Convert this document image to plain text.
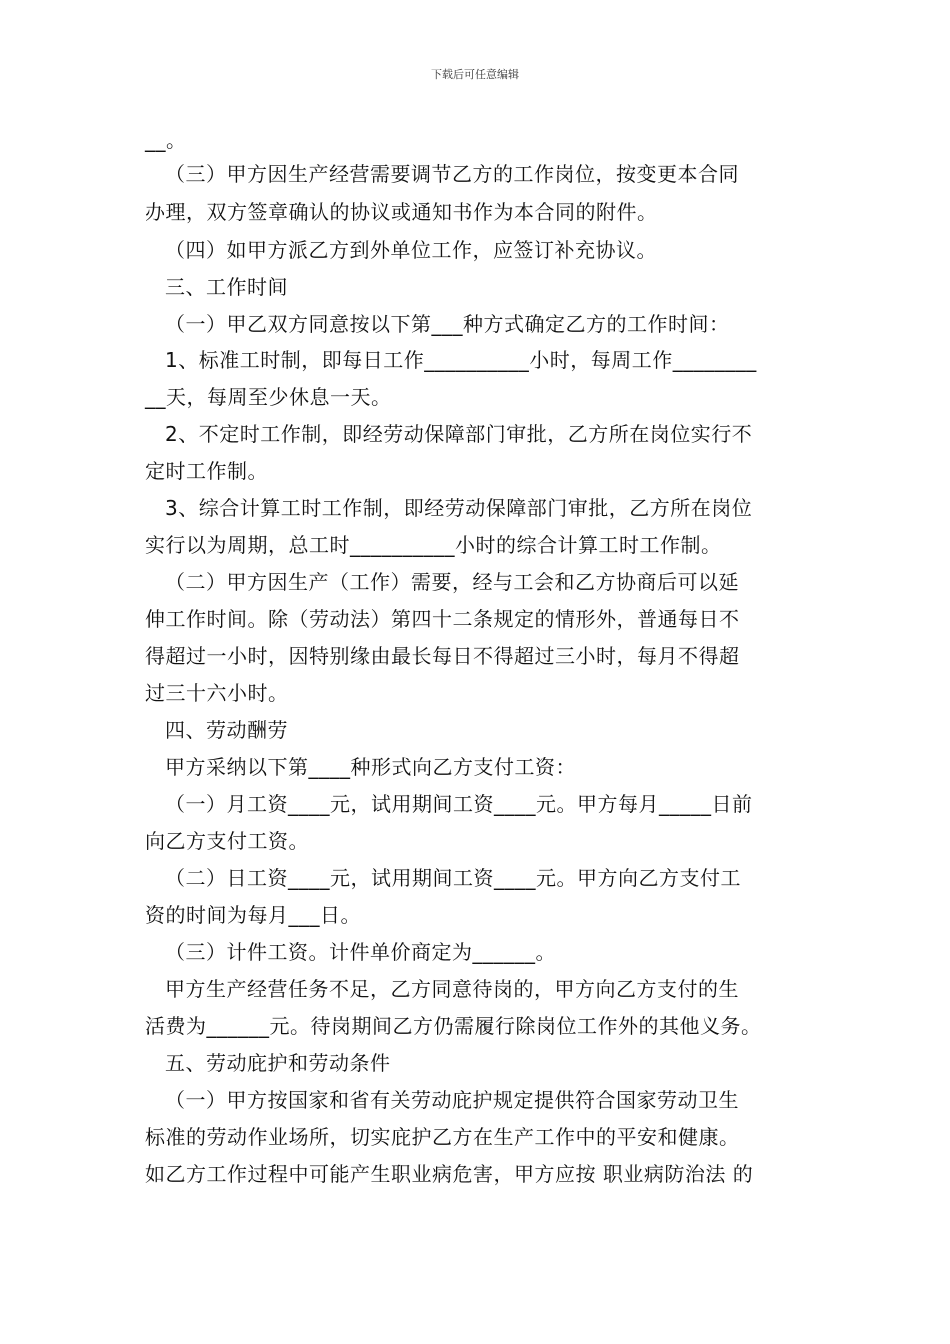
下载后可任意编辑
__。
（三）甲方因生产经营需要调节乙方的工作岗位，按变更本合同
办理，双方签章确认的协议或通知书作为本合同的附件。
（四）如甲方派乙方到外单位工作，应签订补充协议。
三、工作时间
（一）甲乙双方同意按以下第___种方式确定乙方的工作时间：
1、标准工时制，即每日工作__________小时，每周工作________
__天，每周至少休息一天。
2、不定时工作制，即经劳动保障部门审批，乙方所在岗位实行不
定时工作制。
3、综合计算工时工作制，即经劳动保障部门审批，乙方所在岗位
实行以为周期，总工时__________小时的综合计算工时工作制。
（二）甲方因生产（工作）需要，经与工会和乙方协商后可以延
伸工作时间。除（劳动法）第四十二条规定的情形外，普通每日不
得超过一小时，因特别缘由最长每日不得超过三小时，每月不得超
过三十六小时。
四、劳动酬劳
甲方采纳以下第____种形式向乙方支付工资：
（一）月工资____元，试用期间工资____元。甲方每月_____日前
向乙方支付工资。
（二）日工资____元，试用期间工资____元。甲方向乙方支付工
资的时间为每月___日。
（三）计件工资。计件单价商定为______。
甲方生产经营任务不足，乙方同意待岗的，甲方向乙方支付的生
活费为______元。待岗期间乙方仍需履行除岗位工作外的其他义务。
五、劳动庇护和劳动条件
（一）甲方按国家和省有关劳动庇护规定提供符合国家劳动卫生
标准的劳动作业场所，切实庇护乙方在生产工作中的平安和健康。
如乙方工作过程中可能产生职业病危害，甲方应按 职业病防治法 的
